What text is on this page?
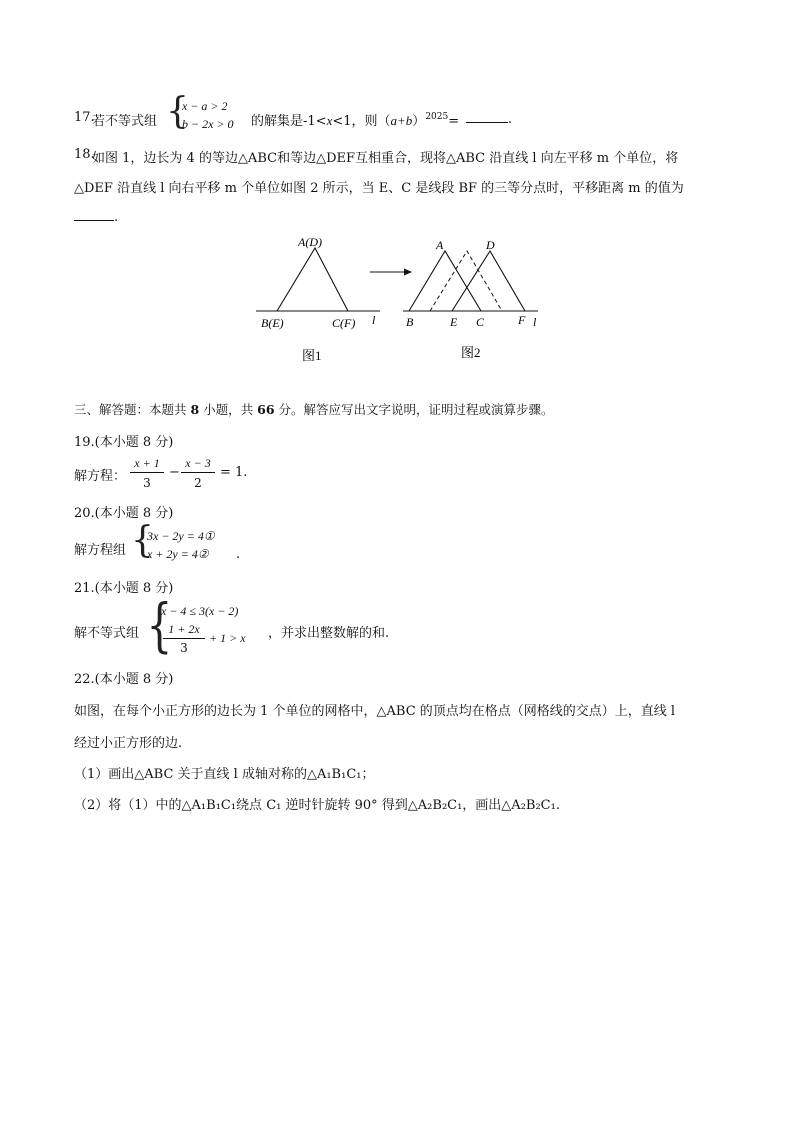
17.
若不等式组 {
x − a > 2
b − 2x > 0 的解集是-1<x<1，则$(a+b)^{2025}=$	.
18.
如图 1，边长为 4 的等边△ABC和等边△DEF互相重合，现将△ABC 沿直线 l 向左平移 m 个单位，将
△DEF 沿直线 l 向右平移 m 个单位如图 2 所示，当 E、C 是线段 BF 的三等分点时，平移距离 m 的值为
.
A(D)
B(E)	C(F) l
图1
A	D
B	E C	F l
图2
三、解答题：本题共 8 小题，共 66 分。解答应写出文字说明，证明过程或演算步骤。
19.(本小题 8 分)
解方程：
x + 1
3
−
x − 3
2
= 1.
20.(本小题 8 分)
解方程组 {
3x − 2y = 4①
x + 2y = 4② .
21.(本小题 8 分)
解不等式组 {
x − 4 ≤ 3(x − 2)
1 + 2x
3
+ 1 > x ，并求出整数解的和.
22.(本小题 8 分)
如图，在每个小正方形的边长为 1 个单位的网格中，△ABC 的顶点均在格点（网格线的交点）上，直线 l
经过小正方形的边.
（1）画出△ABC 关于直线 l 成轴对称的△A₁B₁C₁；
（2）将（1）中的△A₁B₁C₁绕点 C₁ 逆时针旋转 90° 得到△A₂B₂C₁，画出△A₂B₂C₁.
